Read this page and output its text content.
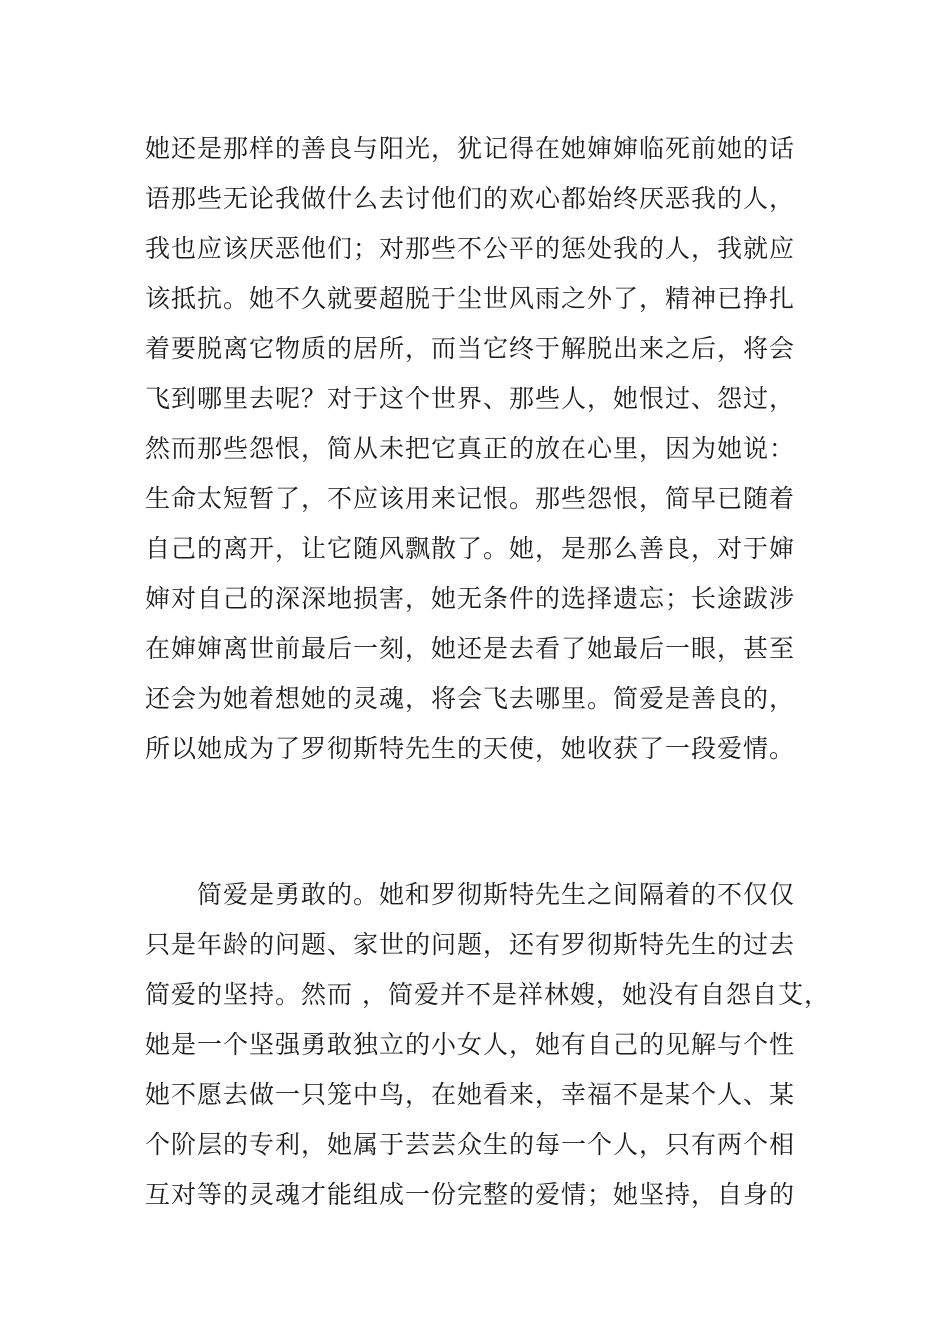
她还是那样的善良与阳光，犹记得在她婶婶临死前她的话
语那些无论我做什么去讨他们的欢心都始终厌恶我的人，
我也应该厌恶他们；对那些不公平的惩处我的人，我就应
该抵抗。她不久就要超脱于尘世风雨之外了，精神已挣扎
着要脱离它物质的居所，而当它终于解脱出来之后，将会
飞到哪里去呢？对于这个世界、那些人，她恨过、怨过，
然而那些怨恨，简从未把它真正的放在心里，因为她说：
生命太短暂了，不应该用来记恨。那些怨恨，简早已随着
自己的离开，让它随风飘散了。她，是那么善良，对于婶
婶对自己的深深地损害，她无条件的选择遗忘；长途跋涉
在婶婶离世前最后一刻，她还是去看了她最后一眼，甚至
还会为她着想她的灵魂，将会飞去哪里。简爱是善良的，
所以她成为了罗彻斯特先生的天使，她收获了一段爱情。

　　简爱是勇敢的。她和罗彻斯特先生之间隔着的不仅仅
只是年龄的问题、家世的问题，还有罗彻斯特先生的过去
简爱的坚持。然而 ，简爱并不是祥林嫂，她没有自怨自艾，
她是一个坚强勇敢独立的小女人，她有自己的见解与个性
她不愿去做一只笼中鸟，在她看来，幸福不是某个人、某
个阶层的专利，她属于芸芸众生的每一个人，只有两个相
互对等的灵魂才能组成一份完整的爱情；她坚持，自身的
